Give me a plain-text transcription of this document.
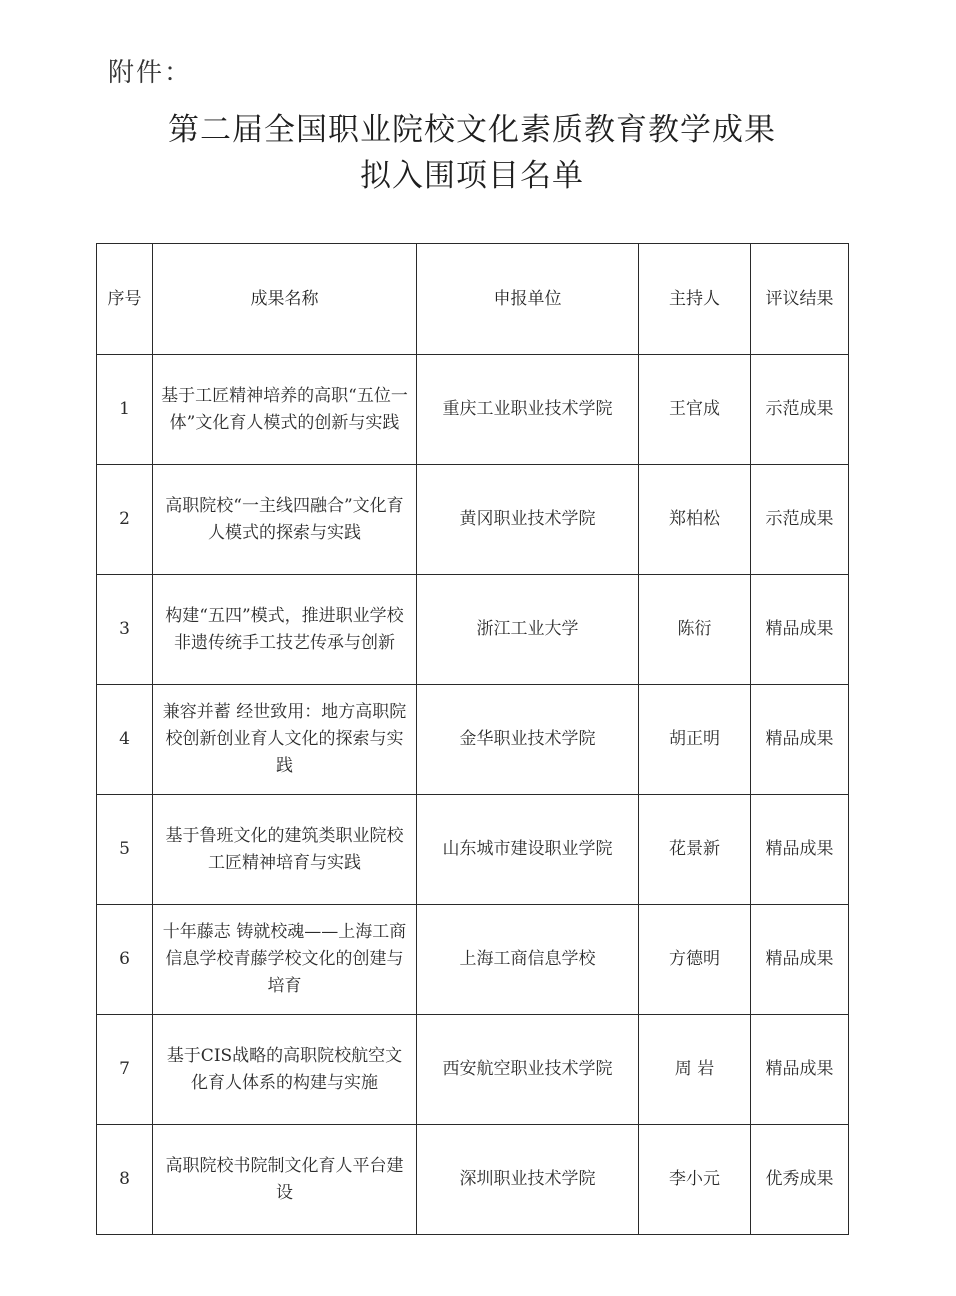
附件：
第二届全国职业院校文化素质教育教学成果
拟入围项目名单
序号	成果名称	申报单位	主持人	评议结果
1	基于工匠精神培养的高职“五位一体”文化育人模式的创新与实践	重庆工业职业技术学院	王官成	示范成果
2	高职院校“一主线四融合”文化育人模式的探索与实践	黄冈职业技术学院	郑柏松	示范成果
3	构建“五四”模式，推进职业学校非遗传统手工技艺传承与创新	浙江工业大学	陈衍	精品成果
4	兼容并蓄 经世致用：地方高职院校创新创业育人文化的探索与实践	金华职业技术学院	胡正明	精品成果
5	基于鲁班文化的建筑类职业院校工匠精神培育与实践	山东城市建设职业学院	花景新	精品成果
6	十年藤志 铸就校魂——上海工商信息学校青藤学校文化的创建与培育	上海工商信息学校	方德明	精品成果
7	基于CIS战略的高职院校航空文化育人体系的构建与实施	西安航空职业技术学院	周 岩	精品成果
8	高职院校书院制文化育人平台建设	深圳职业技术学院	李小元	优秀成果
